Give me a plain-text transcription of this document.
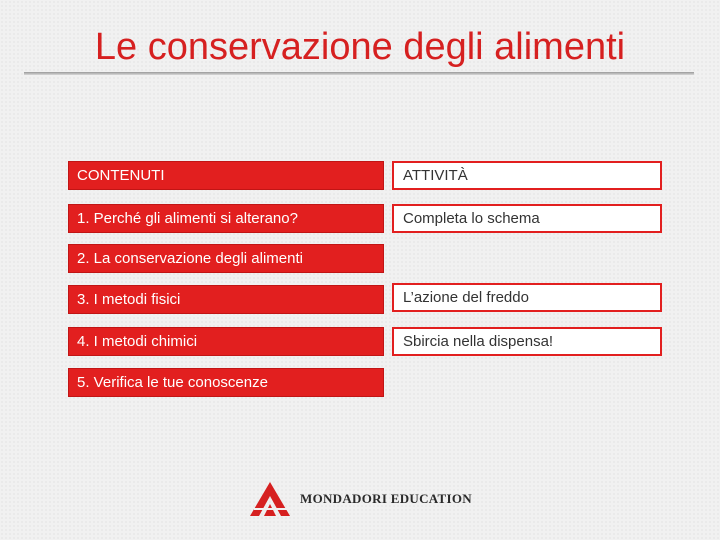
Le conservazione degli alimenti
CONTENUTI
1. Perché gli alimenti si alterano?
2. La conservazione degli alimenti
3. I metodi fisici
4. I metodi chimici
5. Verifica le tue conoscenze
ATTIVITÀ
Completa lo schema
L’azione del freddo
Sbircia nella dispensa!
MONDADORI EDUCATION
